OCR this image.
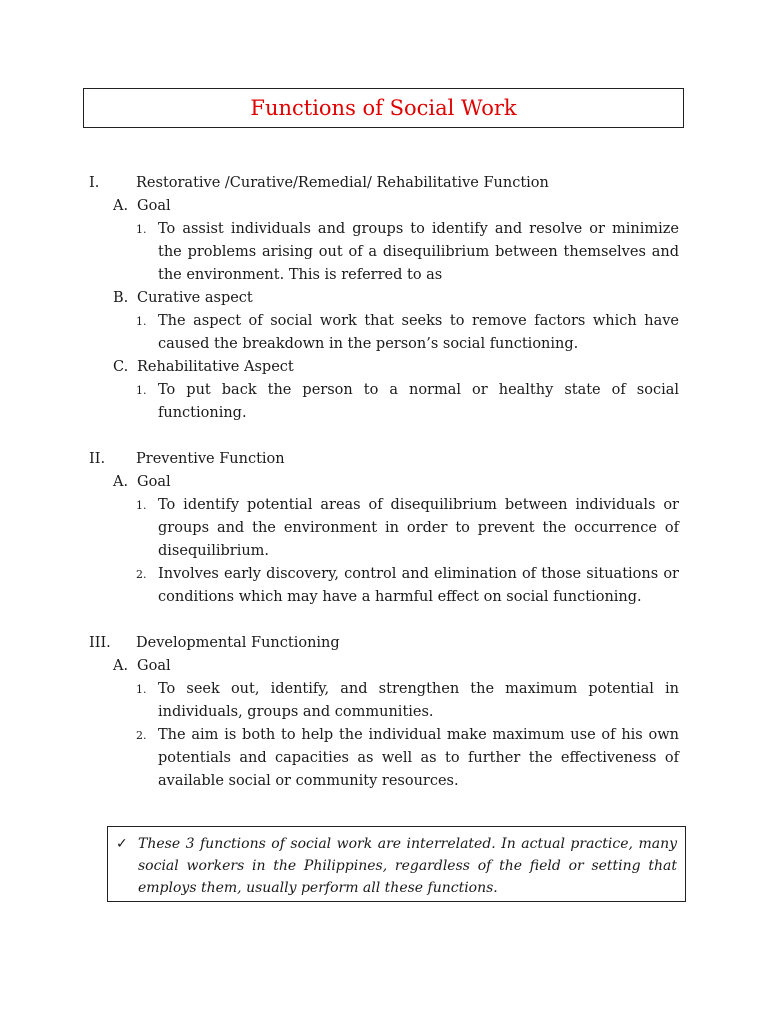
Functions of Social Work
I.	Restorative /Curative/Remedial/ Rehabilitative Function
A. Goal
1. To assist individuals and groups to identify and resolve or minimize the problems arising out of a disequilibrium between themselves and the environment. This is referred to as
B. Curative aspect
1. The aspect of social work that seeks to remove factors which have caused the breakdown in the person’s social functioning.
C. Rehabilitative Aspect
1. To put back the person to a normal or healthy state of social functioning.
II.	Preventive Function
A. Goal
1. To identify potential areas of disequilibrium between individuals or groups and the environment in order to prevent the occurrence of disequilibrium.
2. Involves early discovery, control and elimination of those situations or conditions which may have a harmful effect on social functioning.
III.	Developmental Functioning
A. Goal
1. To seek out, identify, and strengthen the maximum potential in individuals, groups and communities.
2. The aim is both to help the individual make maximum use of his own potentials and capacities as well as to further the effectiveness of available social or community resources.
✓ These 3 functions of social work are interrelated. In actual practice, many social workers in the Philippines, regardless of the field or setting that employs them, usually perform all these functions.
